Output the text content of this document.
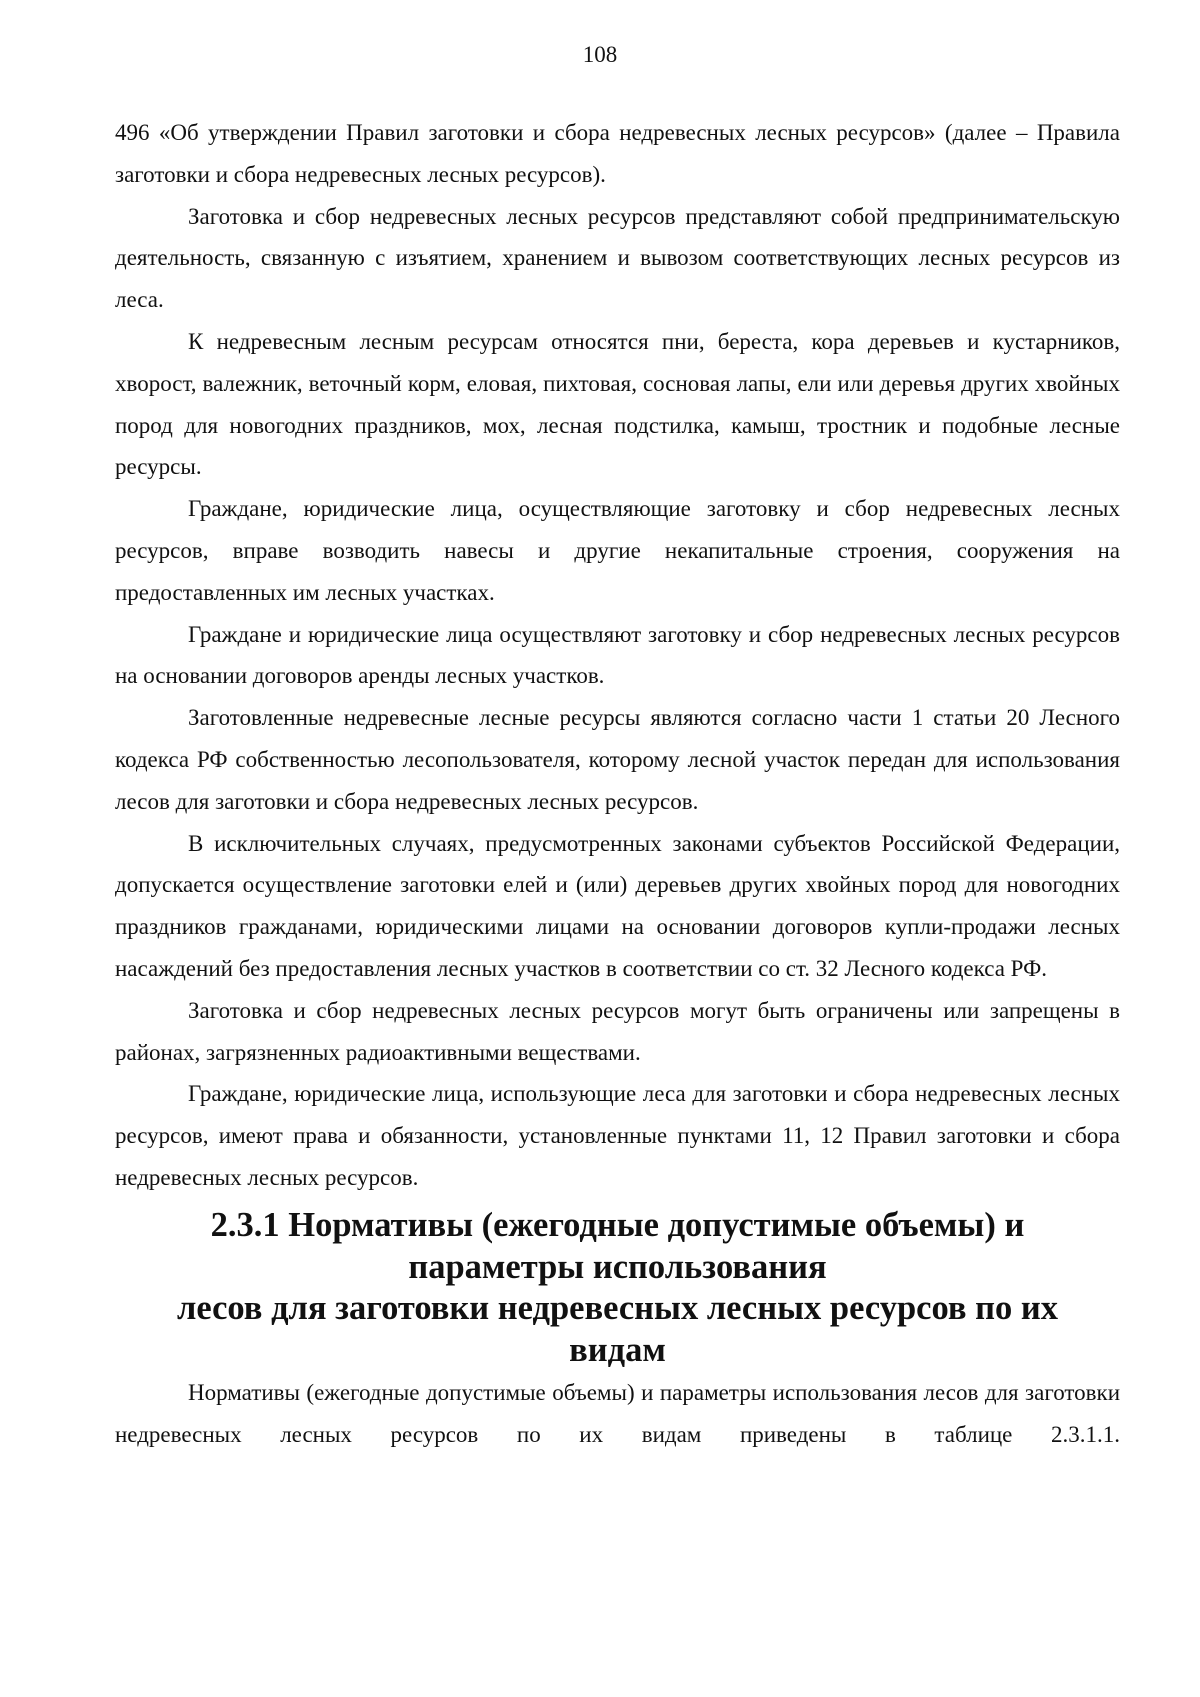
108

496 «Об утверждении Правил заготовки и сбора недревесных лесных ресурсов» (далее – Правила заготовки и сбора недревесных лесных ресурсов).

Заготовка и сбор недревесных лесных ресурсов представляют собой предпринимательскую деятельность, связанную с изъятием, хранением и вывозом соответствующих лесных ресурсов из леса.

К недревесным лесным ресурсам относятся пни, береста, кора деревьев и кустарников, хворост, валежник, веточный корм, еловая, пихтовая, сосновая лапы, ели или деревья других хвойных пород для новогодних праздников, мох, лесная подстилка, камыш, тростник и подобные лесные ресурсы.

Граждане, юридические лица, осуществляющие заготовку и сбор недревесных лесных ресурсов, вправе возводить навесы и другие некапитальные строения, сооружения на предоставленных им лесных участках.

Граждане и юридические лица осуществляют заготовку и сбор недревесных лесных ресурсов на основании договоров аренды лесных участков.

Заготовленные недревесные лесные ресурсы являются согласно части 1 статьи 20 Лесного кодекса РФ собственностью лесопользователя, которому лесной участок передан для использования лесов для заготовки и сбора недревесных лесных ресурсов.

В исключительных случаях, предусмотренных законами субъектов Российской Федерации, допускается осуществление заготовки елей и (или) деревьев других хвойных пород для новогодних праздников гражданами, юридическими лицами на основании договоров купли-продажи лесных насаждений без предоставления лесных участков в соответствии со ст. 32 Лесного кодекса РФ.

Заготовка и сбор недревесных лесных ресурсов могут быть ограничены или запрещены в районах, загрязненных радиоактивными веществами.

Граждане, юридические лица, использующие леса для заготовки и сбора недревесных лесных ресурсов, имеют права и обязанности, установленные пунктами 11, 12 Правил заготовки и сбора недревесных лесных ресурсов.

2.3.1 Нормативы (ежегодные допустимые объемы) и параметры использования
лесов для заготовки недревесных лесных ресурсов по их видам

Нормативы (ежегодные допустимые объемы) и параметры использования лесов для заготовки недревесных лесных ресурсов по их видам приведены в таблице 2.3.1.1.
